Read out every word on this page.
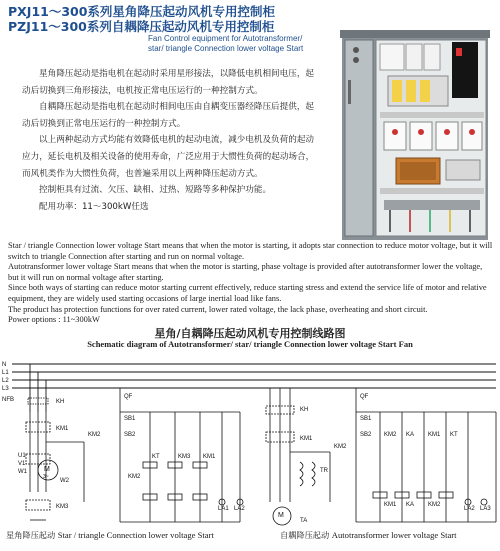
PXJ11～300系列星角降压起动风机专用控制柜
PZJ11～300系列自耦降压起动风机专用控制柜
Fan Control equipment for Autotransformer/
star/ triangle Connection lower voltage Start

星角降压起动是指电机在起动时采用星形接法，以降低电机相间电压，起动后切换到三角形接法，电机按正常电压运行的一种控制方式。

自耦降压起动是指电机在起动时相间电压由自耦变压器经降压后提供，起动后切换到正常电压运行的一种控制方式。

以上两种起动方式均能有效降低电机的起动电流，减少电机及负荷的起动应力，延长电机及相关设备的使用寿命，广泛应用于大惯性负荷的起动场合，而风机类作为大惯性负荷，也普遍采用以上两种降压起动方式。

控制柜具有过流、欠压、缺相、过热、短路等多种保护功能。

配用功率：11～300kW任选

Star / triangle Connection lower voltage Start means that when the motor is starting, it adopts star connection to reduce motor voltage, but it will switch to triangle Connection after starting and run on normal voltage.

Autotransformer lower voltage Start means that when the motor is starting, phase voltage is provided after autotransformer lower the voltage, but it will run on normal voltage after starting.

Since both ways of starting can reduce motor starting current effectively, reduce starting stress and extend the service life of motor and relative equipment, they are widely used starting occasions of large inertial load like fans.

The product has protection functions for over rated current, lower rated voltage, the lack phase, overheating and short circuit.

Power options : 11~300kW

星角/自耦降压起动风机专用控制线路图
Schematic diagram of Autotransformer/ star/ triangle Connection lower voltage Start Fan
N
L1
L2
L3
NFB	KH
KM1
KM2
M
3~
U1
V1
W1
W2
KM3
QF
SB1
SB2
KT	KM3 KM1
KM2
LA1 LA2
KH
KM1
KM2
TR
M
TA
QF
SB1
SB2 KM2 KA KM1 KT
KM1 KA KM2
LA2 LA3
星角降压起动 Star / triangle Connection lower voltage Start	自耦降压起动 Autotransformer lower voltage Start
